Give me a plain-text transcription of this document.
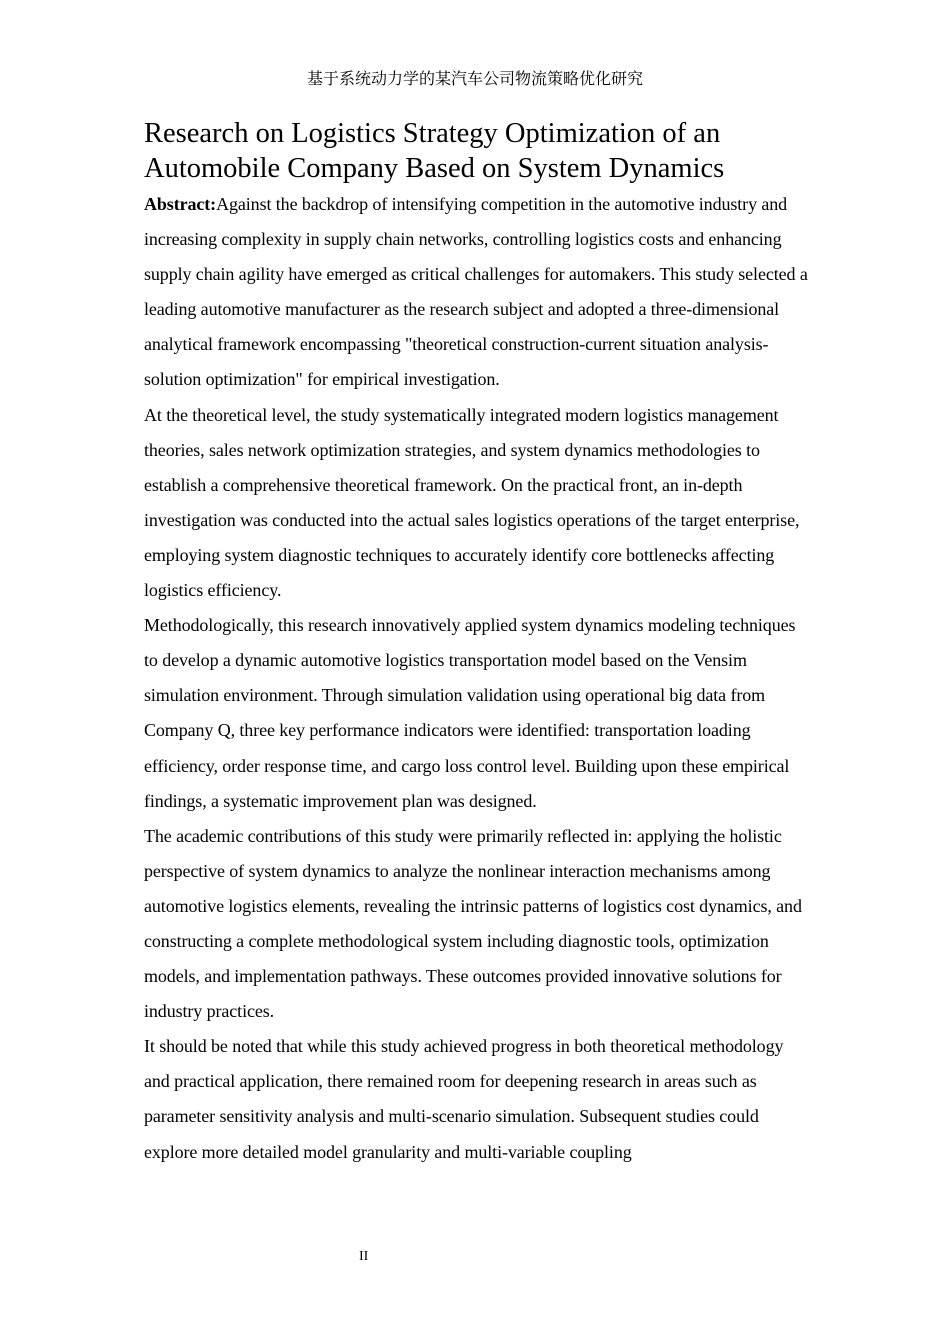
基于系统动力学的某汽车公司物流策略优化研究
Research on Logistics Strategy Optimization of an
Automobile Company Based on System Dynamics

Abstract:Against the backdrop of intensifying competition in the automotive industry and increasing complexity in supply chain networks, controlling logistics costs and enhancing supply chain agility have emerged as critical challenges for automakers. This study selected a leading automotive manufacturer as the research subject and adopted a three-dimensional analytical framework encompassing "theoretical construction-current situation analysis-solution optimization" for empirical investigation.

At the theoretical level, the study systematically integrated modern logistics management theories, sales network optimization strategies, and system dynamics methodologies to establish a comprehensive theoretical framework. On the practical front, an in-depth investigation was conducted into the actual sales logistics operations of the target enterprise, employing system diagnostic techniques to accurately identify core bottlenecks affecting logistics efficiency.

Methodologically, this research innovatively applied system dynamics modeling techniques to develop a dynamic automotive logistics transportation model based on the Vensim simulation environment. Through simulation validation using operational big data from Company Q, three key performance indicators were identified: transportation loading efficiency, order response time, and cargo loss control level. Building upon these empirical findings, a systematic improvement plan was designed.

The academic contributions of this study were primarily reflected in: applying the holistic perspective of system dynamics to analyze the nonlinear interaction mechanisms among automotive logistics elements, revealing the intrinsic patterns of logistics cost dynamics, and constructing a complete methodological system including diagnostic tools, optimization models, and implementation pathways. These outcomes provided innovative solutions for industry practices.

It should be noted that while this study achieved progress in both theoretical methodology and practical application, there remained room for deepening research in areas such as parameter sensitivity analysis and multi-scenario simulation. Subsequent studies could explore more detailed model granularity and multi-variable coupling

II
